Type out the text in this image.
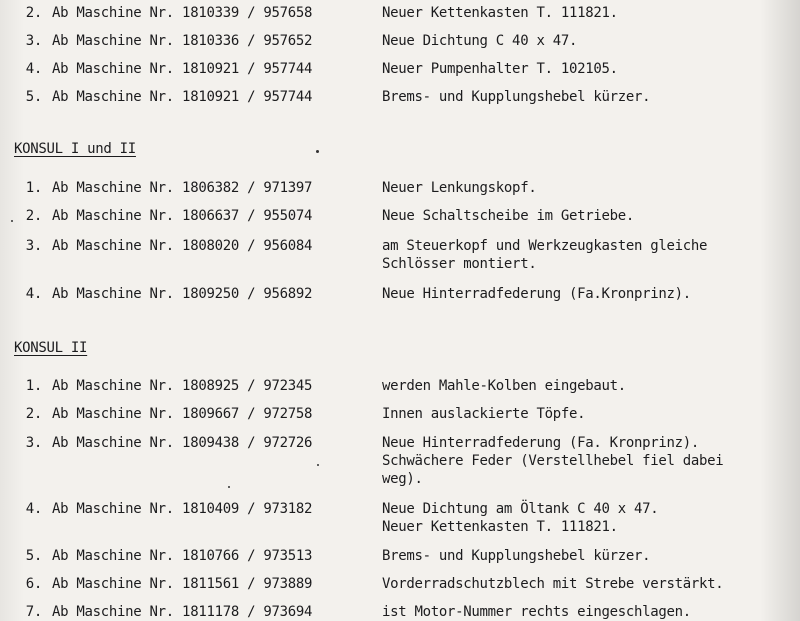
2. Ab Maschine Nr. 1810339 / 957658	Neuer Kettenkasten T. 111821.
3. Ab Maschine Nr. 1810336 / 957652	Neue Dichtung C 40 x 47.
4. Ab Maschine Nr. 1810921 / 957744	Neuer Pumpenhalter T. 102105.
5. Ab Maschine Nr. 1810921 / 957744	Brems- und Kupplungshebel kürzer.
KONSUL I und II
1. Ab Maschine Nr. 1806382 / 971397	Neuer Lenkungskopf.
2. Ab Maschine Nr. 1806637 / 955074	Neue Schaltscheibe im Getriebe.
3. Ab Maschine Nr. 1808020 / 956084	am Steuerkopf und Werkzeugkasten gleiche
Schlösser montiert.
4. Ab Maschine Nr. 1809250 / 956892	Neue Hinterradfederung (Fa.Kronprinz).
KONSUL II
1. Ab Maschine Nr. 1808925 / 972345	werden Mahle-Kolben eingebaut.
2. Ab Maschine Nr. 1809667 / 972758	Innen auslackierte Töpfe.
3. Ab Maschine Nr. 1809438 / 972726	Neue Hinterradfederung (Fa. Kronprinz).
Schwächere Feder (Verstellhebel fiel dabei
weg).
4. Ab Maschine Nr. 1810409 / 973182	Neue Dichtung am Öltank C 40 x 47.
Neuer Kettenkasten T. 111821.
5. Ab Maschine Nr. 1810766 / 973513	Brems- und Kupplungshebel kürzer.
6. Ab Maschine Nr. 1811561 / 973889	Vorderradschutzblech mit Strebe verstärkt.
7. Ab Maschine Nr. 1811178 / 973694	ist Motor-Nummer rechts eingeschlagen.
